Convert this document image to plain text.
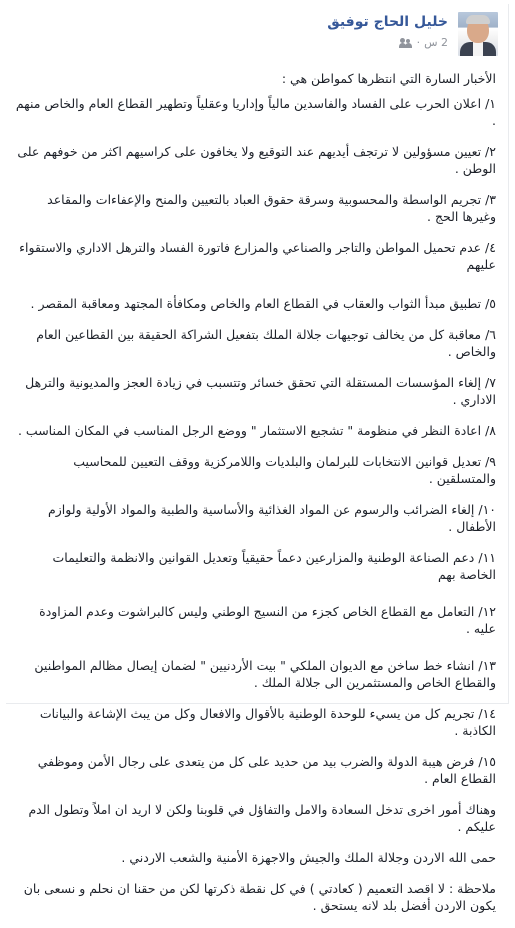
خليل الحاج توفيق
2 س
·

الأخبار السارة التي انتظرها كمواطن هي :

١/ اعلان الحرب على الفساد والفاسدين مالياً وإداريا وعقلياً وتطهير القطاع العام والخاص منهم .

٢/ تعيين مسؤولين لا ترتجف أيديهم عند التوقيع ولا يخافون على كراسيهم اكثر من خوفهم على الوطن .

٣/ تجريم الواسطة والمحسوبية وسرقة حقوق العباد بالتعيين والمنح والإعفاءات والمقاعد وغيرها الحج .

٤/ عدم تحميل المواطن والتاجر والصناعي والمزارع فاتورة الفساد والترهل الاداري والاستقواء عليهم

٥/ تطبيق مبدأ الثواب والعقاب في القطاع العام والخاص ومكافأة المجتهد ومعاقبة المقصر .

٦/ معاقبة كل من يخالف توجيهات جلالة الملك بتفعيل الشراكة الحقيقة بين القطاعين العام والخاص .

٧/ إلغاء المؤسسات المستقلة التي تحقق خسائر وتتسبب في زيادة العجز والمديونية والترهل الاداري .

٨/ اعادة النظر في منظومة " تشجيع الاستثمار " ووضع الرجل المناسب في المكان المناسب .

٩/ تعديل قوانين الانتخابات للبرلمان والبلديات واللامركزية ووقف التعيين للمحاسيب والمتسلقين .

١٠/ إلغاء الضرائب والرسوم عن المواد الغذائية والأساسية والطبية والمواد الأولية ولوازم الأطفال .

١١/ دعم الصناعة الوطنية والمزارعين دعماً حقيقياً وتعديل القوانين والانظمة والتعليمات الخاصة بهم

١٢/ التعامل مع القطاع الخاص كجزء من النسيج الوطني وليس كالبراشوت وعدم المزاودة عليه .

١٣/ انشاء خط ساخن مع الديوان الملكي " بيت الأردنيين " لضمان إيصال مظالم المواطنين والقطاع الخاص والمستثمرين الى جلالة الملك .

١٤/ تجريم كل من يسيء للوحدة الوطنية بالأقوال والافعال وكل من يبث الإشاعة والبيانات الكاذبة .

١٥/ فرض هيبة الدولة والضرب بيد من حديد على كل من يتعدى على رجال الأمن وموظفي القطاع العام .

وهناك أمور اخرى تدخل السعادة والامل والتفاؤل في قلوبنا ولكن لا اريد ان املاً وتطول الدم عليكم .

حمى الله الاردن وجلالة الملك والجيش والاجهزة الأمنية والشعب الاردني .

ملاحظة : لا اقصد التعميم ( كعادتي ) في كل نقطة ذكرتها لكن من حقنا ان نحلم و نسعى بان يكون الاردن أفضل بلد لانه يستحق .
